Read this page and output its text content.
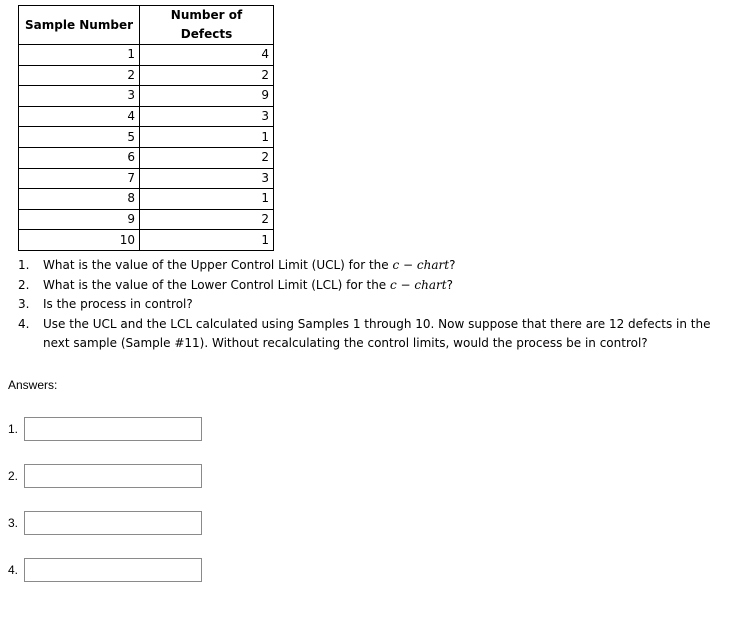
Sample Number	Number of Defects
1	4
2	2
3	9
4	3
5	1
6	2
7	3
8	1
9	2
10	1
1.	What is the value of the Upper Control Limit (UCL) for the c − chart?
2.	What is the value of the Lower Control Limit (LCL) for the c − chart?
3.	Is the process in control?
4.	Use the UCL and the LCL calculated using Samples 1 through 10. Now suppose that there are 12 defects in the next sample (Sample #11). Without recalculating the control limits, would the process be in control?
Answers:
1.
2.
3.
4.
